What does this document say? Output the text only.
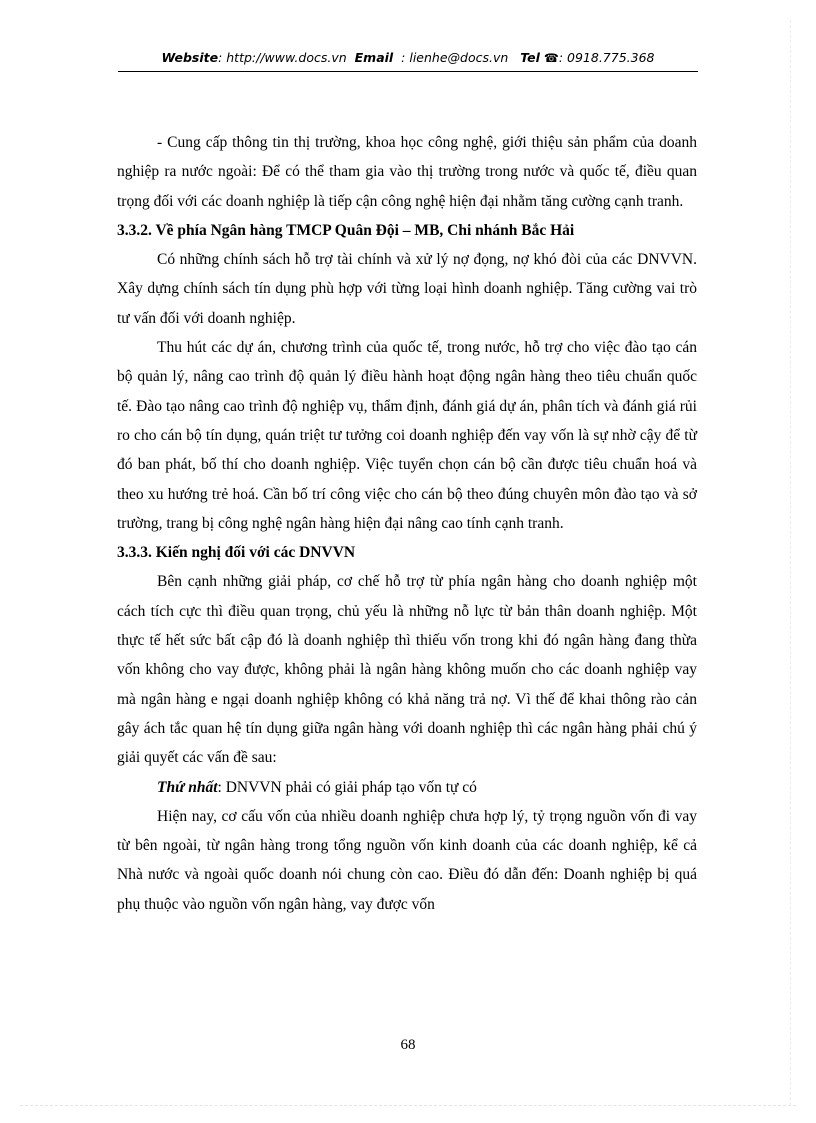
Website: http://www.docs.vn Email : lienhe@docs.vn Tel ☎: 0918.775.368

- Cung cấp thông tin thị trường, khoa học công nghệ, giới thiệu sản phẩm của doanh nghiệp ra nước ngoài: Để có thể tham gia vào thị trường trong nước và quốc tế, điều quan trọng đối với các doanh nghiệp là tiếp cận công nghệ hiện đại nhằm tăng cường cạnh tranh.

3.3.2. Về phía Ngân hàng TMCP Quân Đội – MB, Chi nhánh Bắc Hải

Có những chính sách hỗ trợ tài chính và xử lý nợ đọng, nợ khó đòi của các DNVVN. Xây dựng chính sách tín dụng phù hợp với từng loại hình doanh nghiệp. Tăng cường vai trò tư vấn đối với doanh nghiệp.

Thu hút các dự án, chương trình của quốc tế, trong nước, hỗ trợ cho việc đào tạo cán bộ quản lý, nâng cao trình độ quản lý điều hành hoạt động ngân hàng theo tiêu chuẩn quốc tế. Đào tạo nâng cao trình độ nghiệp vụ, thẩm định, đánh giá dự án, phân tích và đánh giá rủi ro cho cán bộ tín dụng, quán triệt tư tưởng coi doanh nghiệp đến vay vốn là sự nhờ cậy để từ đó ban phát, bố thí cho doanh nghiệp. Việc tuyển chọn cán bộ cần được tiêu chuẩn hoá và theo xu hướng trẻ hoá. Cần bố trí công việc cho cán bộ theo đúng chuyên môn đào tạo và sở trường, trang bị công nghệ ngân hàng hiện đại nâng cao tính cạnh tranh.

3.3.3. Kiến nghị đối với các DNVVN

Bên cạnh những giải pháp, cơ chế hỗ trợ từ phía ngân hàng cho doanh nghiệp một cách tích cực thì điều quan trọng, chủ yếu là những nỗ lực từ bản thân doanh nghiệp. Một thực tế hết sức bất cập đó là doanh nghiệp thì thiếu vốn trong khi đó ngân hàng đang thừa vốn không cho vay được, không phải là ngân hàng không muốn cho các doanh nghiệp vay mà ngân hàng e ngại doanh nghiệp không có khả năng trả nợ. Vì thế để khai thông rào cản gây ách tắc quan hệ tín dụng giữa ngân hàng với doanh nghiệp thì các ngân hàng phải chú ý giải quyết các vấn đề sau:

Thứ nhất: DNVVN phải có giải pháp tạo vốn tự có

Hiện nay, cơ cấu vốn của nhiều doanh nghiệp chưa hợp lý, tỷ trọng nguồn vốn đi vay từ bên ngoài, từ ngân hàng trong tổng nguồn vốn kinh doanh của các doanh nghiệp, kể cả Nhà nước và ngoài quốc doanh nói chung còn cao. Điều đó dẫn đến: Doanh nghiệp bị quá phụ thuộc vào nguồn vốn ngân hàng, vay được vốn

68
